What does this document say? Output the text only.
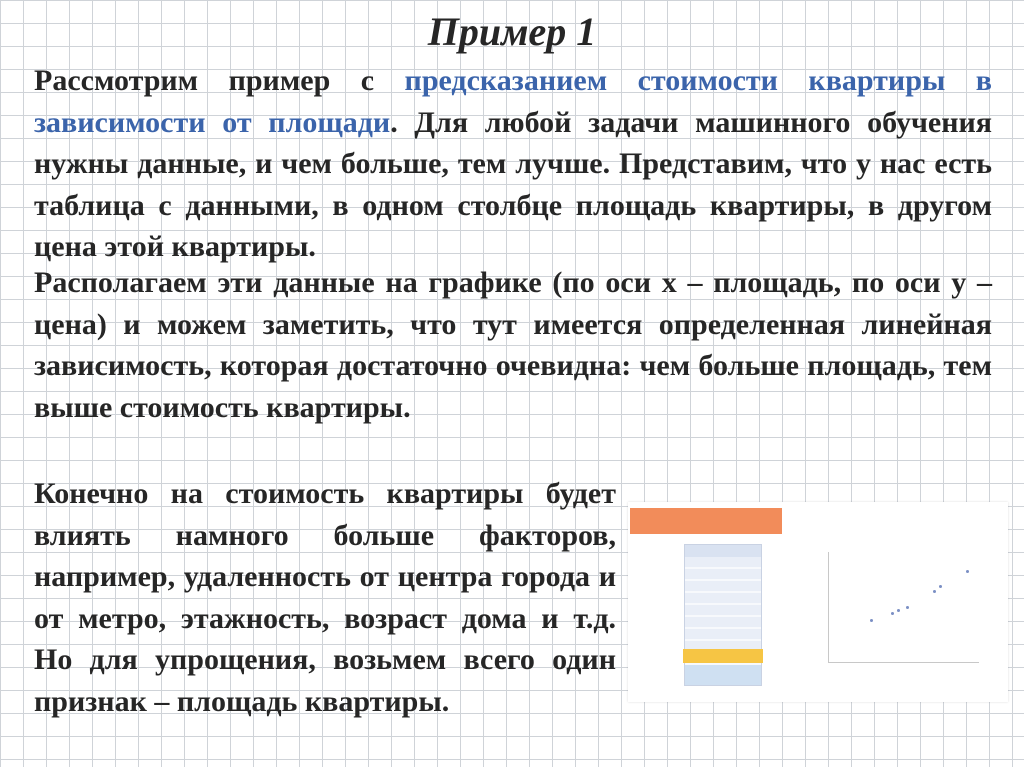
Пример 1

Рассмотрим пример с предсказанием стоимости квартиры в зависимости от площади. Для любой задачи машинного обучения нужны данные, и чем больше, тем лучше. Представим, что у нас есть таблица с данными, в одном столбце площадь квартиры, в другом цена этой квартиры.

Располагаем эти данные на графике (по оси x – площадь, по оси y – цена) и можем заметить, что тут имеется определенная линейная зависимость, которая достаточно очевидна: чем больше площадь, тем выше стоимость квартиры.

Конечно на стоимость квартиры будет влиять намного больше факторов, например, удаленность от центра города и от метро, этажность, возраст дома и т.д. Но для упрощения, возьмем всего один признак – площадь квартиры.
